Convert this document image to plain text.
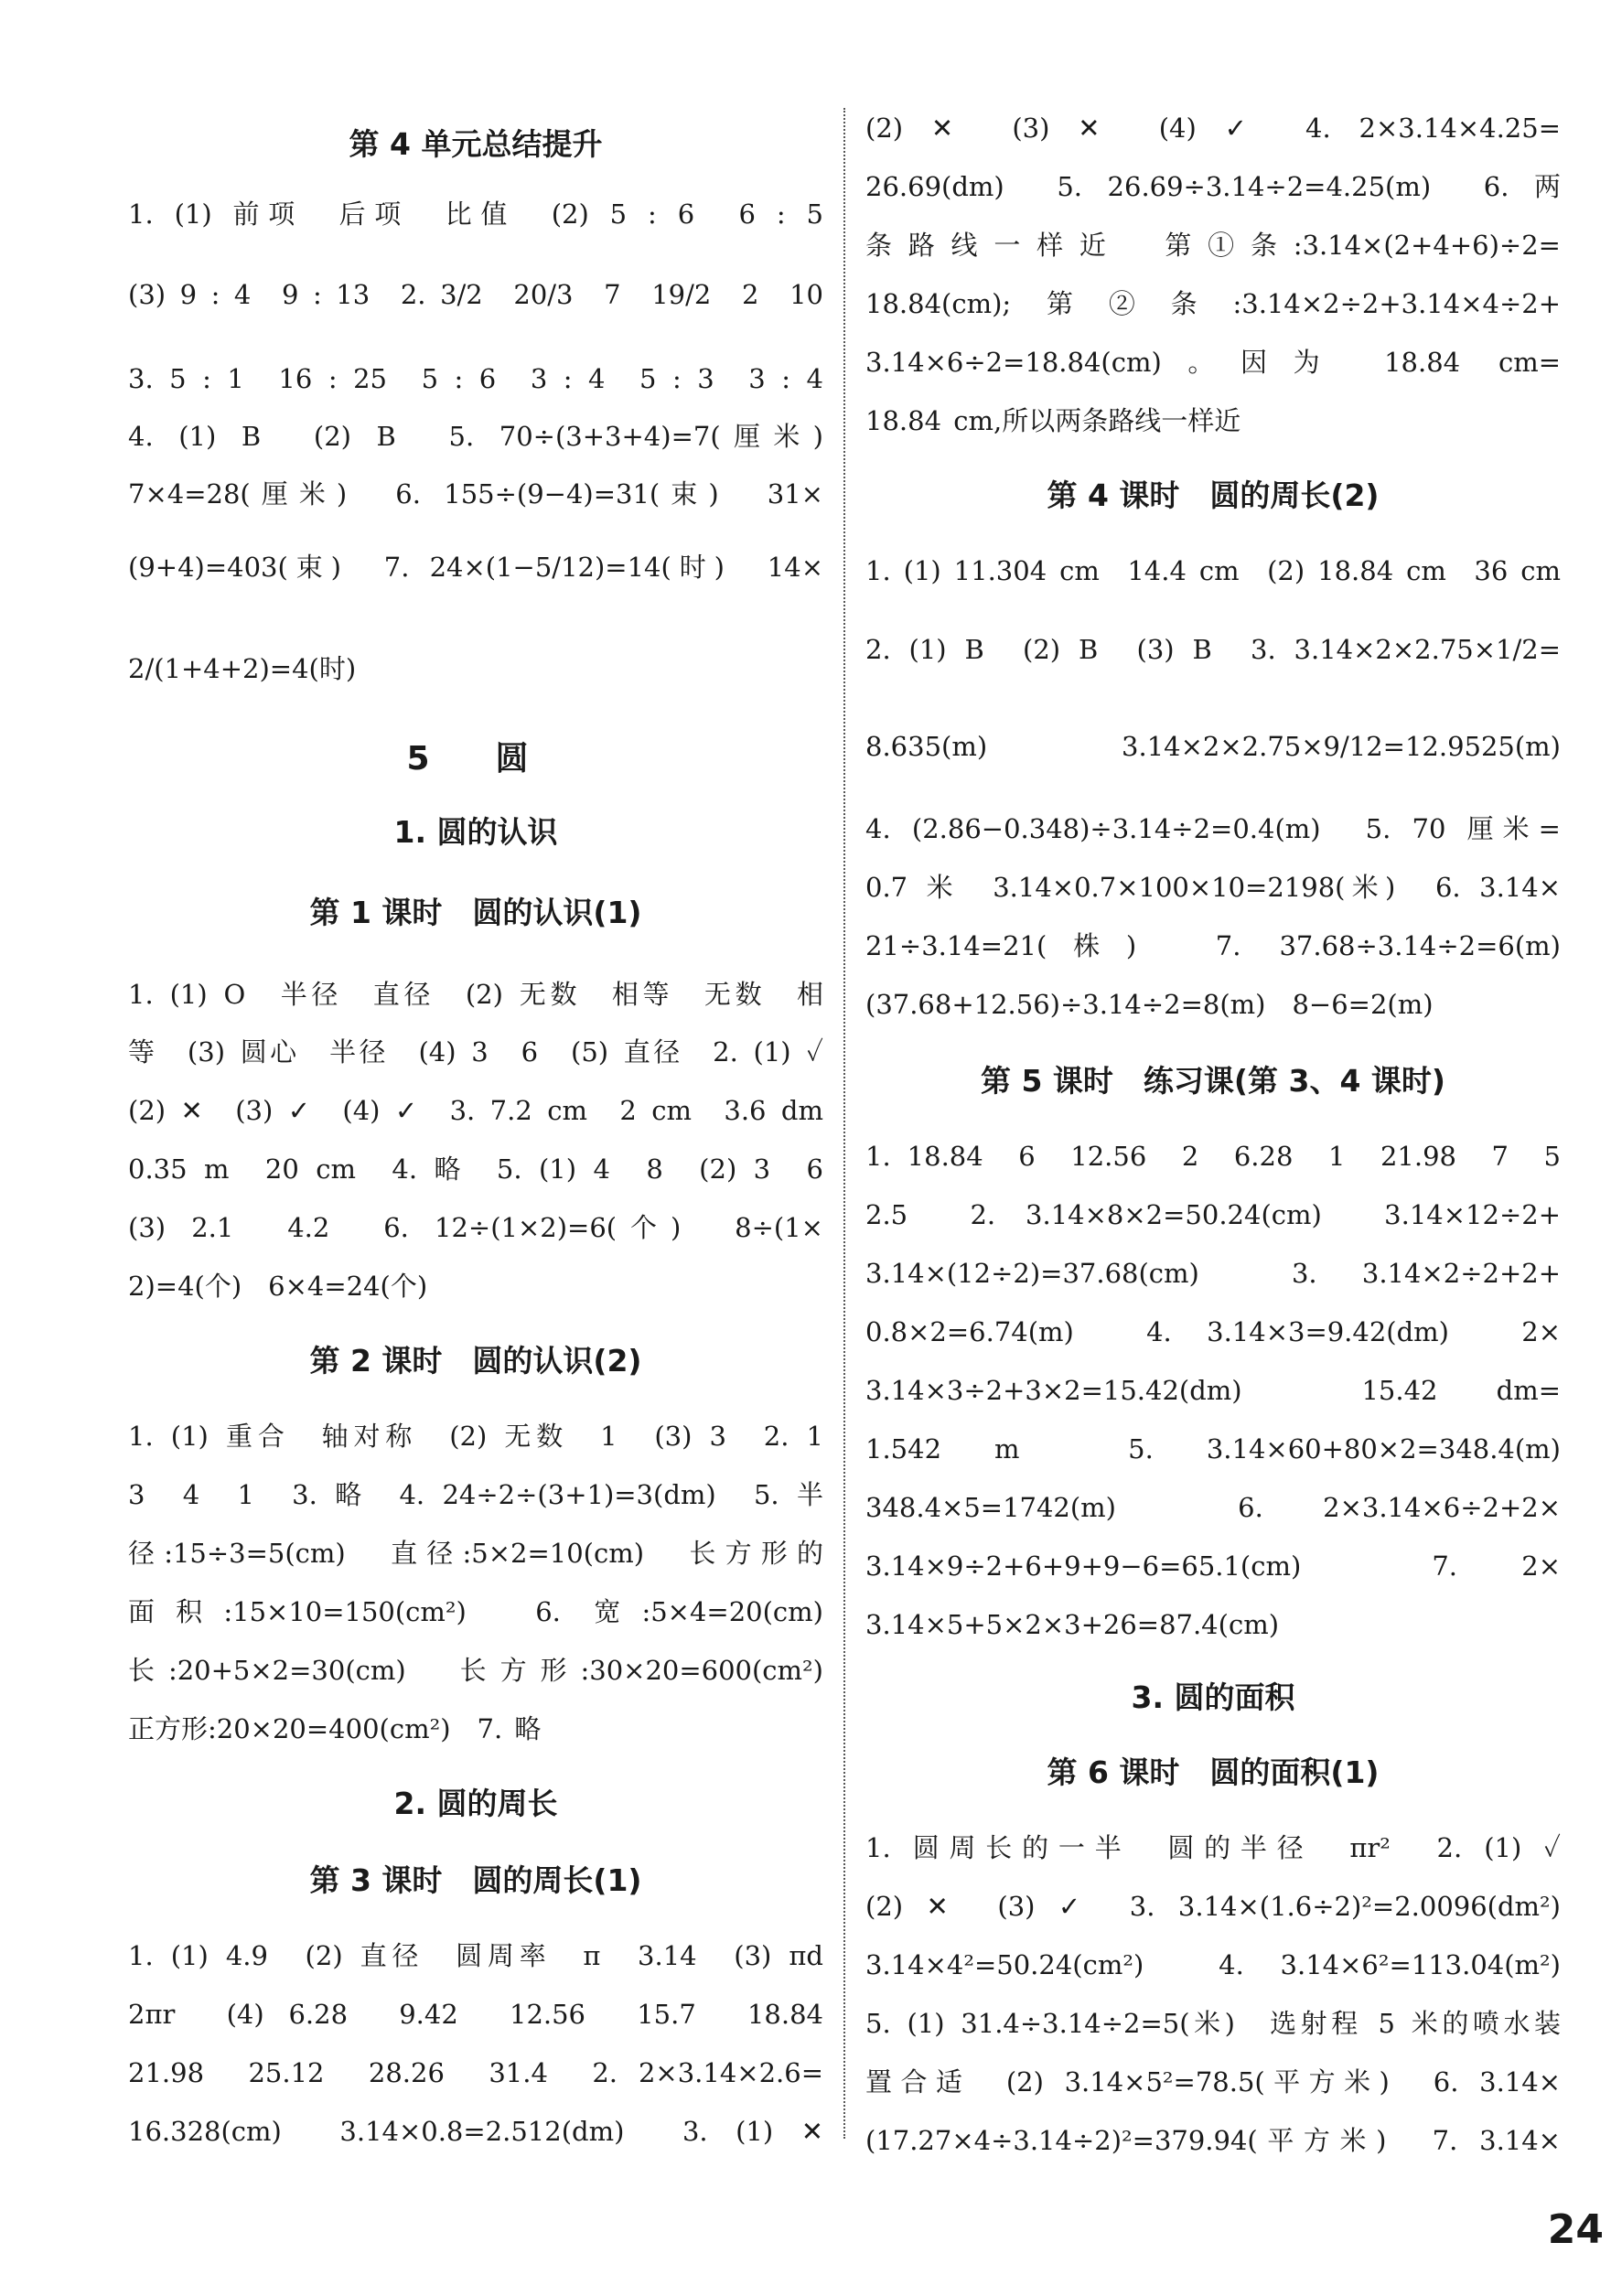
第 4 单元总结提升
1. (1) 前项　后项　比值　(2) 5 : 6　6 : 5
(3) 9 : 4　9 : 13　2. 3/2　20/3　7　19/2　2　10
3. 5 : 1　16 : 25　5 : 6　3 : 4　5 : 3　3 : 4
4. (1) B　(2) B　5. 70÷(3+3+4)=7(厘米)
7×4=28(厘米)　6. 155÷(9−4)=31(束)　31×
(9+4)=403(束)　7. 24×(1−5/12)=14(时)　14×
2/(1+4+2)=4(时)
5　圆
1. 圆的认识
第 1 课时　圆的认识(1)
1. (1) O　半径　直径　(2) 无数　相等　无数　相
等　(3) 圆心　半径　(4) 3　6　(5) 直径　2. (1) ✓
(2) ✕　(3) ✓　(4) ✓　3. 7.2 cm　2 cm　3.6 dm
0.35 m　20 cm　4. 略　5. (1) 4　8　(2) 3　6
(3) 2.1　4.2　6. 12÷(1×2)=6(个)　8÷(1×
2)=4(个)　6×4=24(个)
第 2 课时　圆的认识(2)
1. (1) 重合　轴对称　(2) 无数　1　(3) 3　2. 1
3　4　1　3. 略　4. 24÷2÷(3+1)=3(dm)　5. 半
径:15÷3=5(cm)　直径:5×2=10(cm)　长方形的
面积:15×10=150(cm²)　6. 宽:5×4=20(cm)
长:20+5×2=30(cm)　长方形:30×20=600(cm²)
正方形:20×20=400(cm²)　7. 略
2. 圆的周长
第 3 课时　圆的周长(1)
1. (1) 4.9　(2) 直径　圆周率　π　3.14　(3) πd
2πr　(4) 6.28　9.42　12.56　15.7　18.84
21.98　25.12　28.26　31.4　2. 2×3.14×2.6=
16.328(cm)　3.14×0.8=2.512(dm)　3. (1) ✕
(2) ✕　(3) ✕　(4) ✓　4. 2×3.14×4.25=
26.69(dm)　5. 26.69÷3.14÷2=4.25(m)　6. 两
条路线一样近　第①条:3.14×(2+4+6)÷2=
18.84(cm);第②条:3.14×2÷2+3.14×4÷2+
3.14×6÷2=18.84(cm)。因为 18.84 cm=
18.84 cm,所以两条路线一样近
第 4 课时　圆的周长(2)
1. (1) 11.304 cm　14.4 cm　(2) 18.84 cm　36 cm
2. (1) B　(2) B　(3) B　3. 3.14×2×2.75×1/2=
8.635(m)　3.14×2×2.75×9/12=12.9525(m)
4. (2.86−0.348)÷3.14÷2=0.4(m)　5. 70 厘米=
0.7 米　3.14×0.7×100×10=2198(米)　6. 3.14×
21÷3.14=21(株)　7. 37.68÷3.14÷2=6(m)
(37.68+12.56)÷3.14÷2=8(m)　8−6=2(m)
第 5 课时　练习课(第 3、4 课时)
1. 18.84　6　12.56　2　6.28　1　21.98　7　5
2.5　2. 3.14×8×2=50.24(cm)　3.14×12÷2+
3.14×(12÷2)=37.68(cm)　3. 3.14×2÷2+2+
0.8×2=6.74(m)　4. 3.14×3=9.42(dm)　2×
3.14×3÷2+3×2=15.42(dm)　15.42 dm=
1.542 m　5. 3.14×60+80×2=348.4(m)
348.4×5=1742(m)　6. 2×3.14×6÷2+2×
3.14×9÷2+6+9+9−6=65.1(cm)　7. 2×
3.14×5+5×2×3+26=87.4(cm)
3. 圆的面积
第 6 课时　圆的面积(1)
1. 圆周长的一半　圆的半径　πr²　2. (1) ✓
(2) ✕　(3) ✓　3. 3.14×(1.6÷2)²=2.0096(dm²)
3.14×4²=50.24(cm²)　4. 3.14×6²=113.04(m²)
5. (1) 31.4÷3.14÷2=5(米)　选射程 5 米的喷水装
置合适　(2) 3.14×5²=78.5(平方米)　6. 3.14×
(17.27×4÷3.14÷2)²=379.94(平方米)　7. 3.14×
24
